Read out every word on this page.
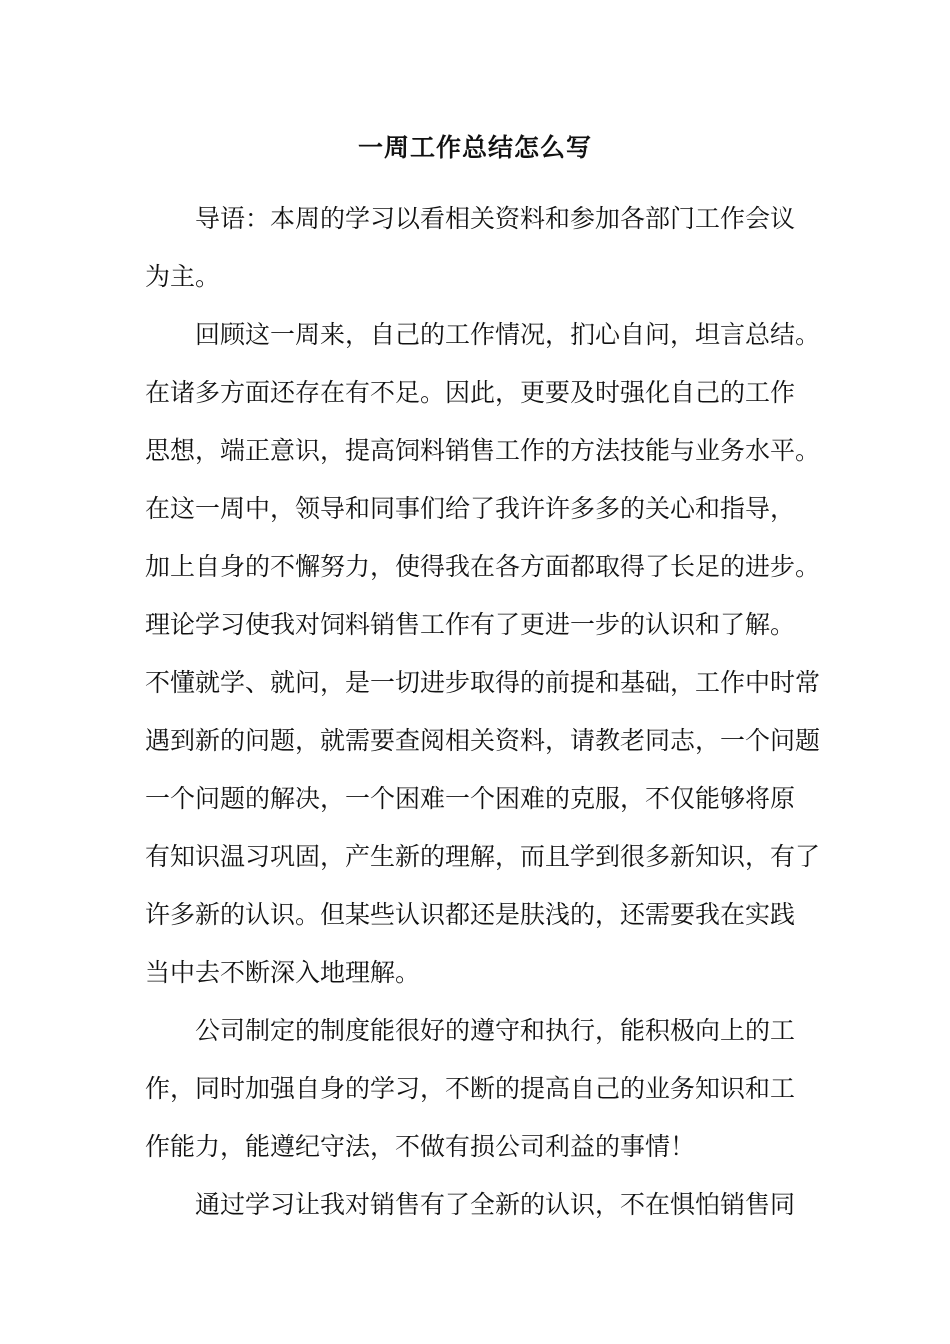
一周工作总结怎么写
导语：本周的学习以看相关资料和参加各部门工作会议
为主。
回顾这一周来，自己的工作情况，扪心自问，坦言总结。
在诸多方面还存在有不足。因此，更要及时强化自己的工作
思想，端正意识，提高饲料销售工作的方法技能与业务水平。
在这一周中，领导和同事们给了我许许多多的关心和指导，
加上自身的不懈努力，使得我在各方面都取得了长足的进步。
理论学习使我对饲料销售工作有了更进一步的认识和了解。
不懂就学、就问，是一切进步取得的前提和基础，工作中时常
遇到新的问题，就需要查阅相关资料，请教老同志，一个问题
一个问题的解决，一个困难一个困难的克服，不仅能够将原
有知识温习巩固，产生新的理解，而且学到很多新知识，有了
许多新的认识。但某些认识都还是肤浅的，还需要我在实践
当中去不断深入地理解。
公司制定的制度能很好的遵守和执行，能积极向上的工
作，同时加强自身的学习，不断的提高自己的业务知识和工
作能力，能遵纪守法，不做有损公司利益的事情！
通过学习让我对销售有了全新的认识，不在惧怕销售同
